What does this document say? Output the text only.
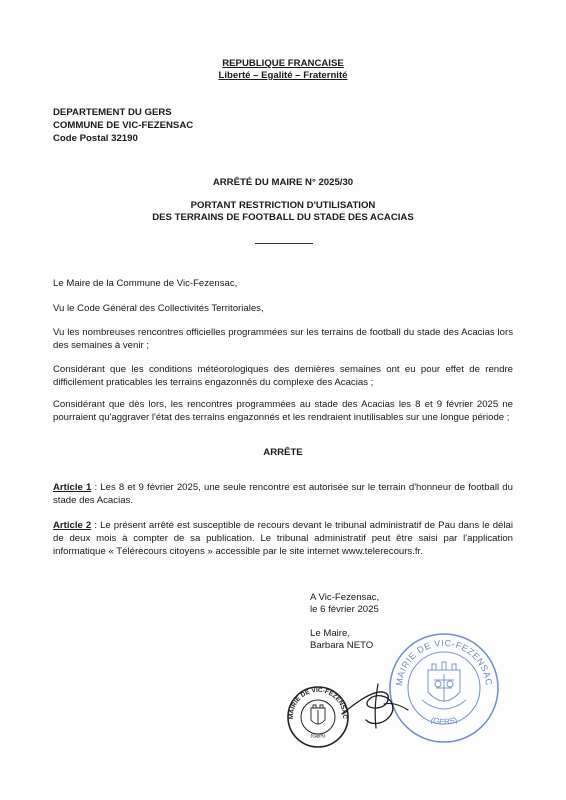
REPUBLIQUE FRANCAISE
Liberté – Egalité – Fraternité
DEPARTEMENT DU GERS
COMMUNE DE VIC-FEZENSAC
Code Postal 32190
ARRÊTÉ DU MAIRE N° 2025/30
PORTANT RESTRICTION D'UTILISATION
DES TERRAINS DE FOOTBALL DU STADE DES ACACIAS
Le Maire de la Commune de Vic-Fezensac,
Vu le Code Général des Collectivités Territoriales,
Vu les nombreuses rencontres officielles programmées sur les terrains de football du stade des Acacias lors des semaines à venir ;
Considérant que les conditions météorologiques des dernières semaines ont eu pour effet de rendre difficilement praticables les terrains engazonnés du complexe des Acacias ;
Considérant que dès lors, les rencontres programmées au stade des Acacias les 8 et 9 février 2025 ne pourraient qu'aggraver l'état des terrains engazonnés et les rendraient inutilisables sur une longue période ;
ARRÊTE
Article 1 : Les 8 et 9 février 2025, une seule rencontre est autorisée sur le terrain d'honneur de football du stade des Acacias.
Article 2 : Le présent arrêté est susceptible de recours devant le tribunal administratif de Pau dans le délai de deux mois à compter de sa publication. Le tribunal administratif peut être saisi par l'application informatique « Télérecours citoyens » accessible par le site internet www.telerecours.fr.
A Vic-Fezensac,
le 6 février 2025
Le Maire,
Barbara NETO
MAIRIE DE VIC-FEZENSAC
(GERS)
MAIRIE DE VIC-FEZENSAC
(Gers)
